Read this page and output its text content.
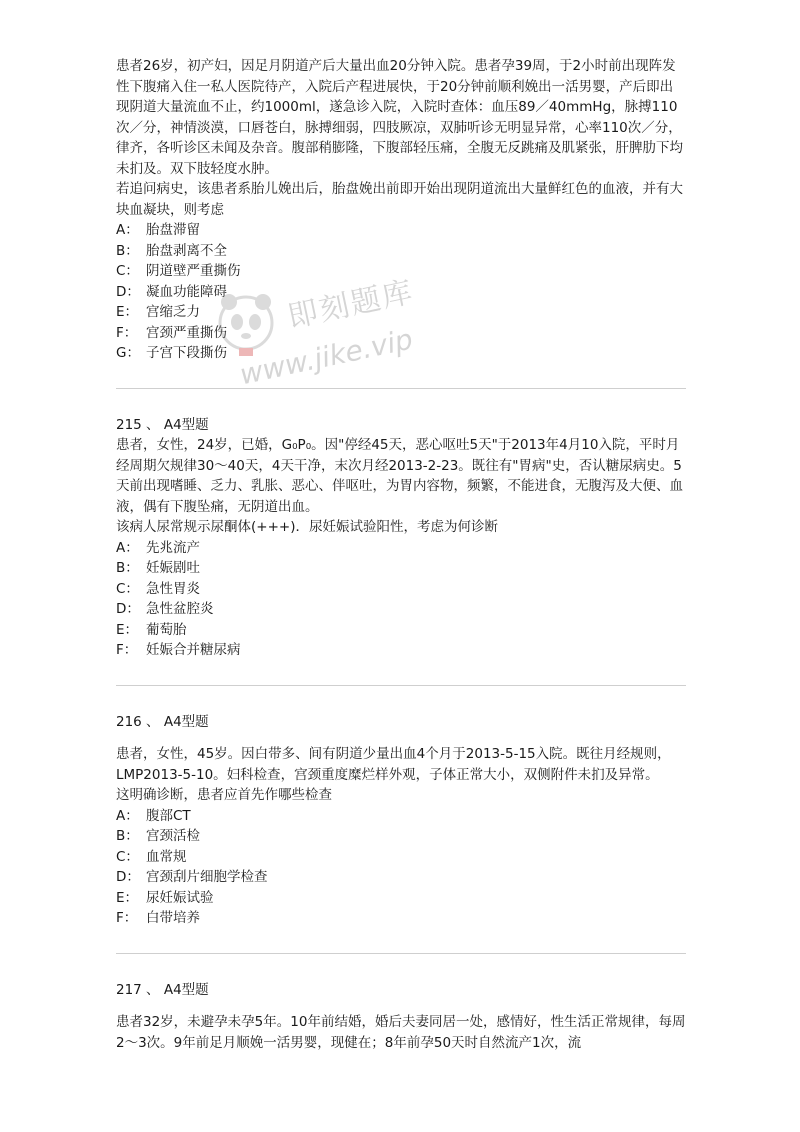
患者26岁，初产妇，因足月阴道产后大量出血20分钟入院。患者孕39周，于2小时前出现阵发性下腹痛入住一私人医院待产，入院后产程进展快，于20分钟前顺利娩出一活男婴，产后即出现阴道大量流血不止，约1000ml，遂急诊入院，入院时查体：血压89／40mmHg，脉搏110次／分，神情淡漠，口唇苍白，脉搏细弱，四肢厥凉，双肺听诊无明显异常，心率110次／分，律齐，各听诊区未闻及杂音。腹部稍膨隆，下腹部轻压痛，全腹无反跳痛及肌紧张，肝脾肋下均未扪及。双下肢轻度水肿。

若追问病史，该患者系胎儿娩出后，胎盘娩出前即开始出现阴道流出大量鲜红色的血液，并有大块血凝块，则考虑

A： 胎盘滞留
B： 胎盘剥离不全
C： 阴道壁严重撕伤
D： 凝血功能障碍
E： 宫缩乏力
F： 宫颈严重撕伤
G： 子宫下段撕伤

215 、 A4型题

患者，女性，24岁，已婚，G₀P₀。因"停经45天，恶心呕吐5天"于2013年4月10入院，平时月经周期欠规律30～40天，4天干净，末次月经2013-2-23。既往有"胃病"史，否认糖尿病史。5天前出现嗜睡、乏力、乳胀、恶心、伴呕吐，为胃内容物，频繁，不能进食，无腹泻及大便、血液，偶有下腹坠痛，无阴道出血。

该病人尿常规示尿酮体(+++)．尿妊娠试验阳性，考虑为何诊断

A： 先兆流产
B： 妊娠剧吐
C： 急性胃炎
D： 急性盆腔炎
E： 葡萄胎
F： 妊娠合并糖尿病

216 、 A4型题

患者，女性，45岁。因白带多、间有阴道少量出血4个月于2013-5-15入院。既往月经规则，LMP2013-5-10。妇科检查，宫颈重度糜烂样外观，子体正常大小，双侧附件未扪及异常。

这明确诊断，患者应首先作哪些检查

A： 腹部CT
B： 宫颈活检
C： 血常规
D： 宫颈刮片细胞学检查
E： 尿妊娠试验
F： 白带培养

217 、 A4型题

患者32岁，未避孕未孕5年。10年前结婚，婚后夫妻同居一处，感情好，性生活正常规律，每周2～3次。9年前足月顺娩一活男婴，现健在；8年前孕50天时自然流产1次，流

即刻题库
www.jike.vip
